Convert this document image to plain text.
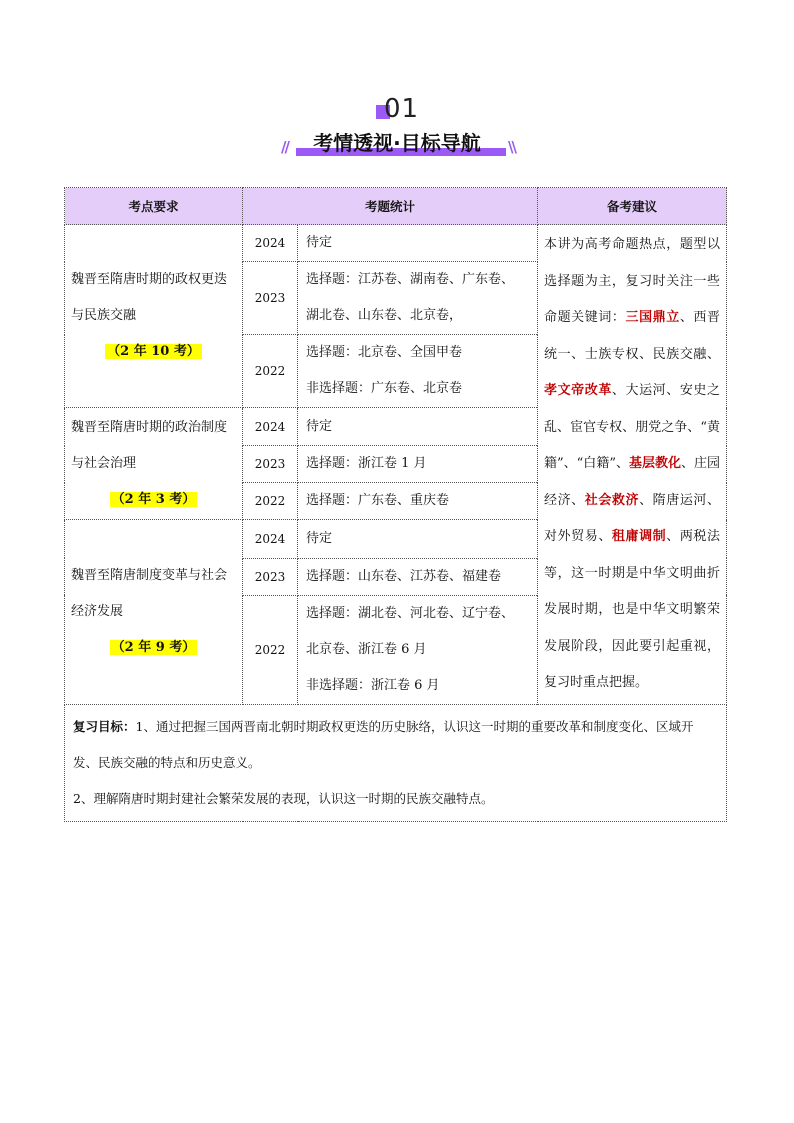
01
//	考情透视·目标导航	\\
考点要求	考题统计		备考建议

魏晋至隋唐时期的政权更迭与民族交融
（2 年 10 考）	2024	待定	本讲为高考命题热点，题型以选择题为主，复习时关注一些命题关键词：三国鼎立、西晋统一、士族专权、民族交融、孝文帝改革、大运河、安史之乱、宦官专权、朋党之争、“黄籍”、“白籍”、基层教化、庄园经济、社会救济、隋唐运河、对外贸易、租庸调制、两税法等，这一时期是中华文明曲折发展时期，也是中华文明繁荣发展阶段，因此要引起重视，复习时重点把握。
	2023	选择题：江苏卷、湖南卷、广东卷、
湖北卷、山东卷、北京卷，	

	2022	选择题：北京卷、全国甲卷
非选择题：广东卷、北京卷	

魏晋至隋唐时期的政治制度与社会治理
（2 年 3 考）	2024	待定	

	2023	选择题：浙江卷 1 月	

	2022	选择题：广东卷、重庆卷	

魏晋至隋唐制度变革与社会经济发展
（2 年 9 考）	2024	待定	

	2023	选择题：山东卷、江苏卷、福建卷	

	2022	选择题：湖北卷、河北卷、辽宁卷、
北京卷、浙江卷 6 月
非选择题：浙江卷 6 月	

复习目标：1、通过把握三国两晋南北朝时期政权更迭的历史脉络，认识这一时期的重要改革和制度变化、区域开发、民族交融的特点和历史意义。
2、理解隋唐时期封建社会繁荣发展的表现，认识这一时期的民族交融特点。			
